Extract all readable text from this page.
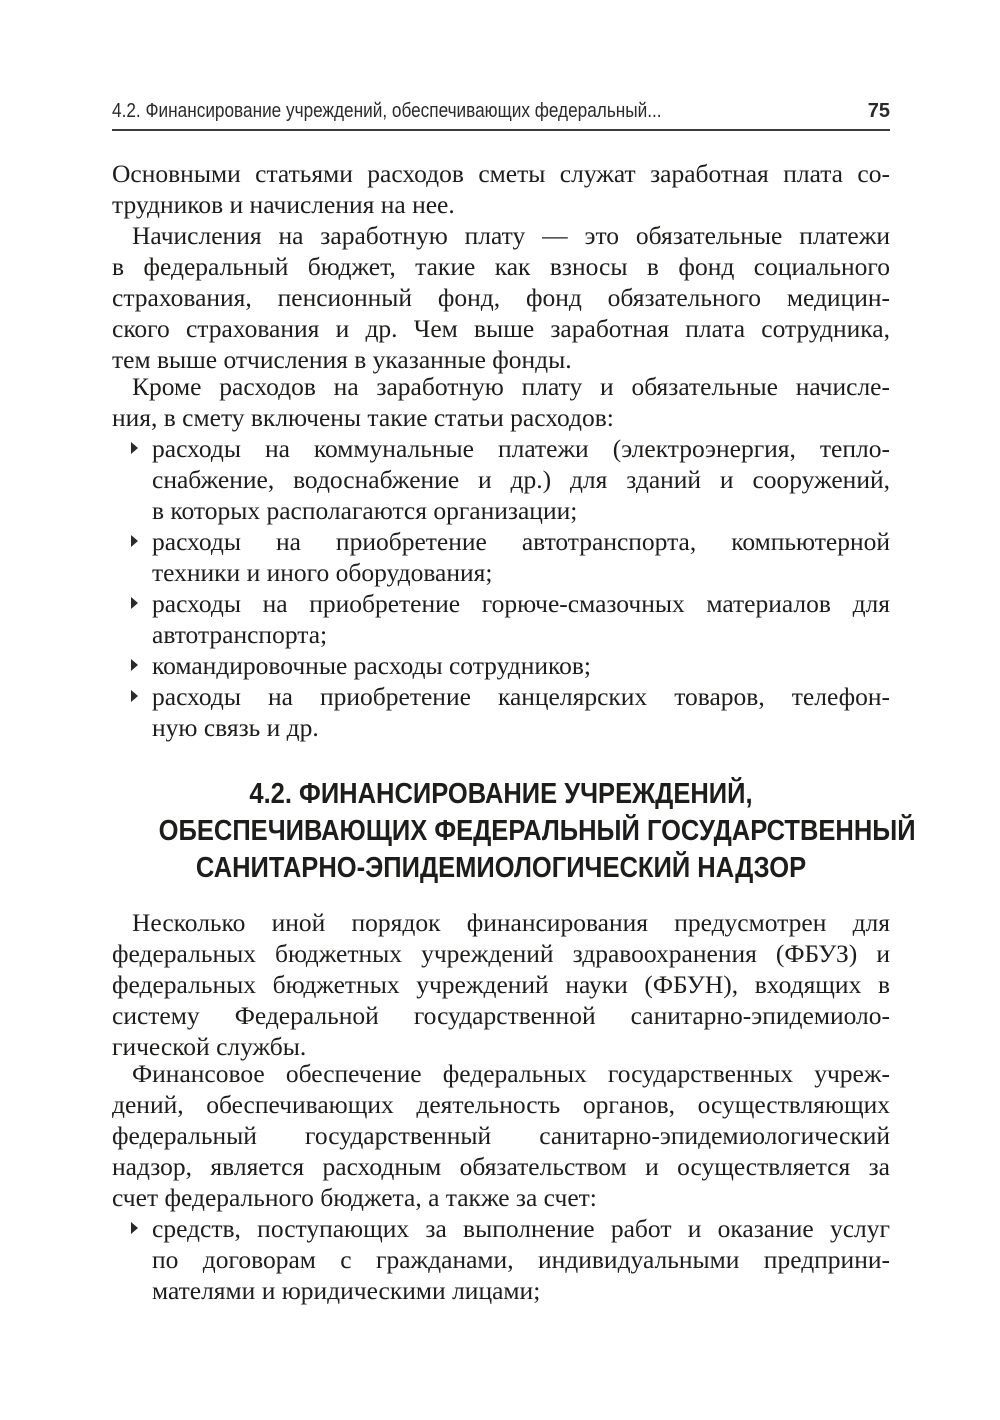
4.2. Финансирование учреждений, обеспечивающих федеральный...	75
Основными статьями расходов сметы служат заработная плата со-
трудников и начисления на нее.
Начисления на заработную плату — это обязательные платежи
в федеральный бюджет, такие как взносы в фонд социального
страхования, пенсионный фонд, фонд обязательного медицин-
ского страхования и др. Чем выше заработная плата сотрудника,
тем выше отчисления в указанные фонды.
Кроме расходов на заработную плату и обязательные начисле-
ния, в смету включены такие статьи расходов:
расходы на коммунальные платежи (электроэнергия, тепло-
снабжение, водоснабжение и др.) для зданий и сооружений,
в которых располагаются организации;
расходы на приобретение автотранспорта, компьютерной
техники и иного оборудования;
расходы на приобретение горюче-смазочных материалов для
автотранспорта;
командировочные расходы сотрудников;
расходы на приобретение канцелярских товаров, телефон-
ную связь и др.
4.2. ФИНАНСИРОВАНИЕ УЧРЕЖДЕНИЙ,
ОБЕСПЕЧИВАЮЩИХ ФЕДЕРАЛЬНЫЙ ГОСУДАРСТВЕННЫЙ
САНИТАРНО-ЭПИДЕМИОЛОГИЧЕСКИЙ НАДЗОР
Несколько иной порядок финансирования предусмотрен для
федеральных бюджетных учреждений здравоохранения (ФБУЗ) и
федеральных бюджетных учреждений науки (ФБУН), входящих в
систему Федеральной государственной санитарно-эпидемиоло-
гической службы.
Финансовое обеспечение федеральных государственных учреж-
дений, обеспечивающих деятельность органов, осуществляющих
федеральный государственный санитарно-эпидемиологический
надзор, является расходным обязательством и осуществляется за
счет федерального бюджета, а также за счет:
средств, поступающих за выполнение работ и оказание услуг
по договорам с гражданами, индивидуальными предприни-
мателями и юридическими лицами;
